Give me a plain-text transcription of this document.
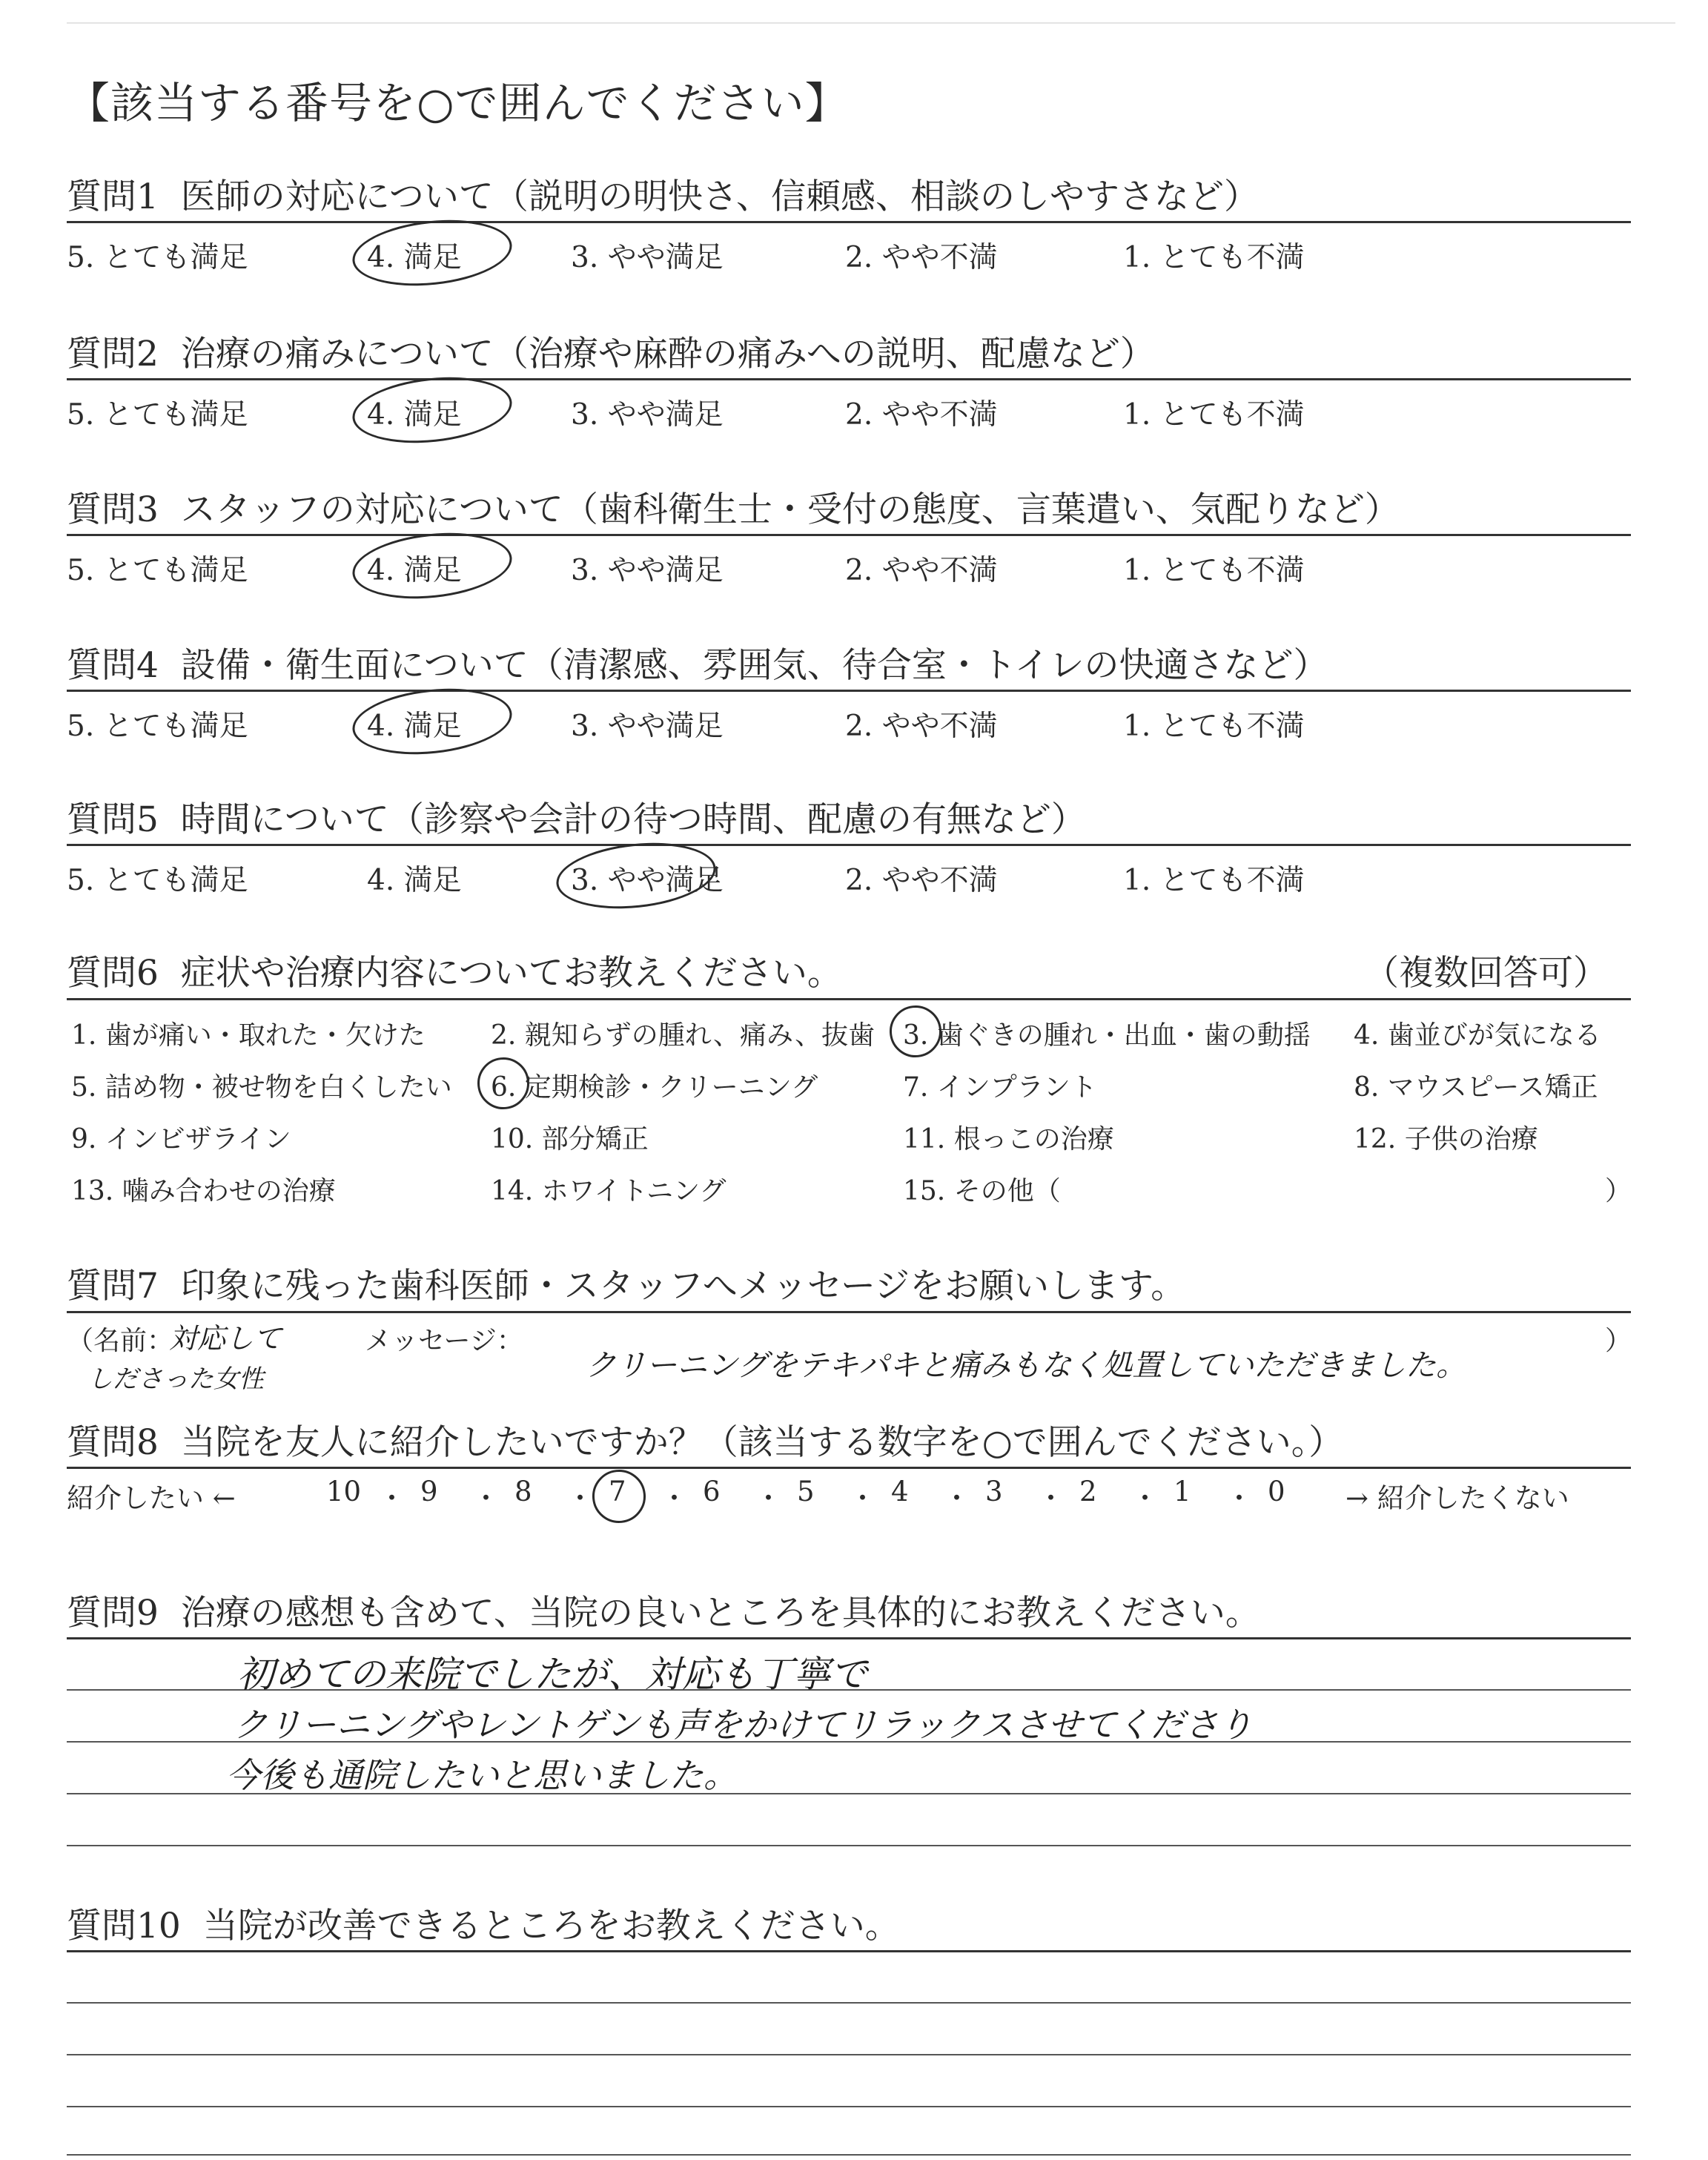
【該当する番号を○で囲んでください】
質問1 医師の対応について（説明の明快さ、信頼感、相談のしやすさなど）
5. とても満足	4. 満足	3. やや満足	2. やや不満	1. とても不満
質問2 治療の痛みについて（治療や麻酔の痛みへの説明、配慮など）
5. とても満足	4. 満足	3. やや満足	2. やや不満	1. とても不満
質問3 スタッフの対応について（歯科衛生士・受付の態度、言葉遣い、気配りなど）
5. とても満足	4. 満足	3. やや満足	2. やや不満	1. とても不満
質問4 設備・衛生面について（清潔感、雰囲気、待合室・トイレの快適さなど）
5. とても満足	4. 満足	3. やや満足	2. やや不満	1. とても不満
質問5 時間について（診察や会計の待つ時間、配慮の有無など）
5. とても満足	4. 満足	3. やや満足	2. やや不満	1. とても不満
質問6 症状や治療内容についてお教えください。	（複数回答可）
1. 歯が痛い・取れた・欠けた 2. 親知らずの腫れ、痛み、抜歯 3. 歯ぐきの腫れ・出血・歯の動揺 4. 歯並びが気になる
5. 詰め物・被せ物を白くしたい 6. 定期検診・クリーニング	7. インプラント	8. マウスピース矯正
9. インビザライン	10. 部分矯正	11. 根っこの治療	12. 子供の治療
13. 噛み合わせの治療	14. ホワイトニング	15. その他（	）
質問7 印象に残った歯科医師・スタッフへメッセージをお願いします。
（名前：
対応して
しださった女性
メッセージ：
クリーニングをテキパキと痛みもなく処置していただきました。
）
質問8 当院を友人に紹介したいですか？（該当する数字を○で囲んでください。）
紹介したい ←	10 ・ 9 ・ 8 ・ 7 ・ 6 ・ 5 ・ 4 ・ 3 ・ 2 ・ 1 ・ 0 → 紹介したくない
質問9 治療の感想も含めて、当院の良いところを具体的にお教えください。
初めての来院でしたが、対応も丁寧で
クリーニングやレントゲンも声をかけてリラックスさせてくださり
今後も通院したいと思いました。
質問10 当院が改善できるところをお教えください。
